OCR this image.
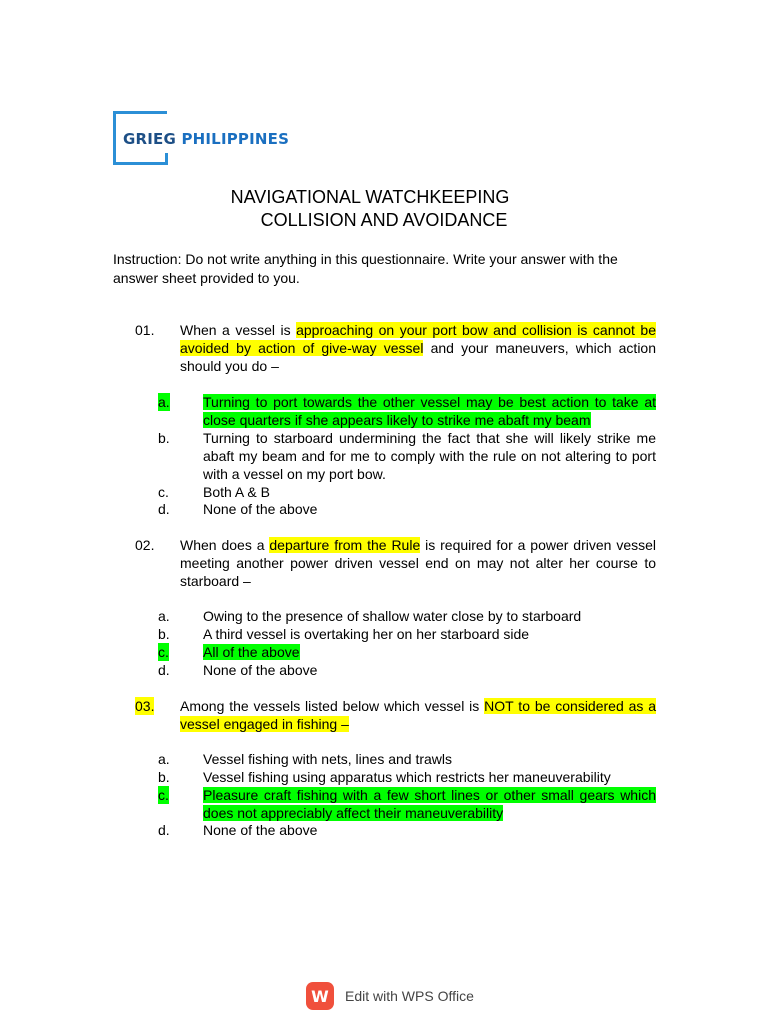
GRIEG PHILIPPINES
NAVIGATIONAL WATCHKEEPING
COLLISION AND AVOIDANCE
Instruction: Do not write anything in this questionnaire. Write your answer with the answer sheet provided to you.
01. When a vessel is approaching on your port bow and collision is cannot be avoided by action of give-way vessel and your maneuvers, which action should you do –
a. Turning to port towards the other vessel may be best action to take at close quarters if she appears likely to strike me abaft my beam
b. Turning to starboard undermining the fact that she will likely strike me abaft my beam and for me to comply with the rule on not altering to port with a vessel on my port bow.
c. Both A & B
d. None of the above
02. When does a departure from the Rule is required for a power driven vessel meeting another power driven vessel end on may not alter her course to starboard –
a. Owing to the presence of shallow water close by to starboard
b. A third vessel is overtaking her on her starboard side
c. All of the above
d. None of the above
03. Among the vessels listed below which vessel is NOT to be considered as a vessel engaged in fishing –
a. Vessel fishing with nets, lines and trawls
b. Vessel fishing using apparatus which restricts her maneuverability
c. Pleasure craft fishing with a few short lines or other small gears which does not appreciably affect their maneuverability
d. None of the above
W	Edit with WPS Office
